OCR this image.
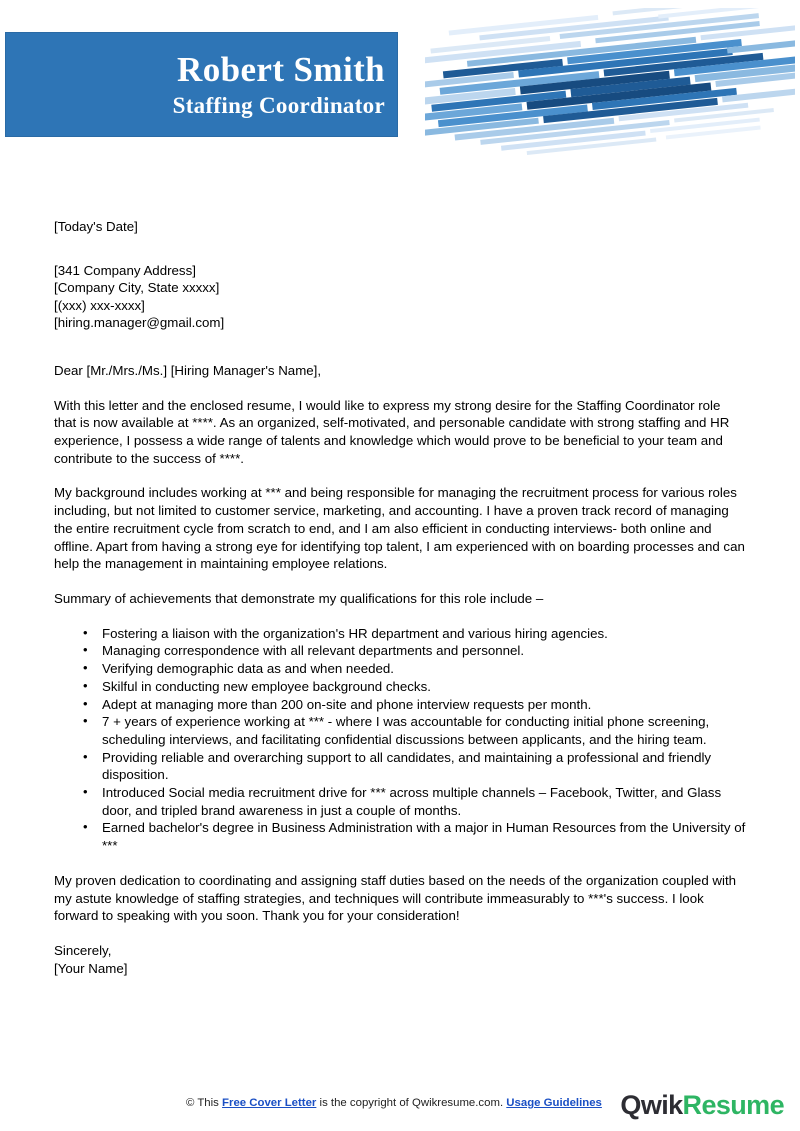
Robert Smith
Staffing Coordinator
[Today's Date]
[341 Company Address]
[Company City, State xxxxx]
[(xxx) xxx-xxxx]
[hiring.manager@gmail.com]

Dear [Mr./Mrs./Ms.] [Hiring Manager's Name],

With this letter and the enclosed resume, I would like to express my strong desire for the Staffing Coordinator role that is now available at ****. As an organized, self-motivated, and personable candidate with strong staffing and HR experience, I possess a wide range of talents and knowledge which would prove to be beneficial to your team and contribute to the success of ****.

My background includes working at *** and being responsible for managing the recruitment process for various roles including, but not limited to customer service, marketing, and accounting. I have a proven track record of managing the entire recruitment cycle from scratch to end, and I am also efficient in conducting interviews- both online and offline. Apart from having a strong eye for identifying top talent, I am experienced with on boarding processes and can help the management in maintaining employee relations.

Summary of achievements that demonstrate my qualifications for this role include –

• Fostering a liaison with the organization's HR department and various hiring agencies.
• Managing correspondence with all relevant departments and personnel.
• Verifying demographic data as and when needed.
• Skilful in conducting new employee background checks.
• Adept at managing more than 200 on-site and phone interview requests per month.
• 7 + years of experience working at *** - where I was accountable for conducting initial phone screening, scheduling interviews, and facilitating confidential discussions between applicants, and the hiring team.
• Providing reliable and overarching support to all candidates, and maintaining a professional and friendly disposition.
• Introduced Social media recruitment drive for *** across multiple channels – Facebook, Twitter, and Glass door, and tripled brand awareness in just a couple of months.
• Earned bachelor's degree in Business Administration with a major in Human Resources from the University of ***

My proven dedication to coordinating and assigning staff duties based on the needs of the organization coupled with my astute knowledge of staffing strategies, and techniques will contribute immeasurably to ***'s success. I look forward to speaking with you soon. Thank you for your consideration!

Sincerely,
[Your Name]
© This Free Cover Letter is the copyright of Qwikresume.com. Usage Guidelines QwikResume
